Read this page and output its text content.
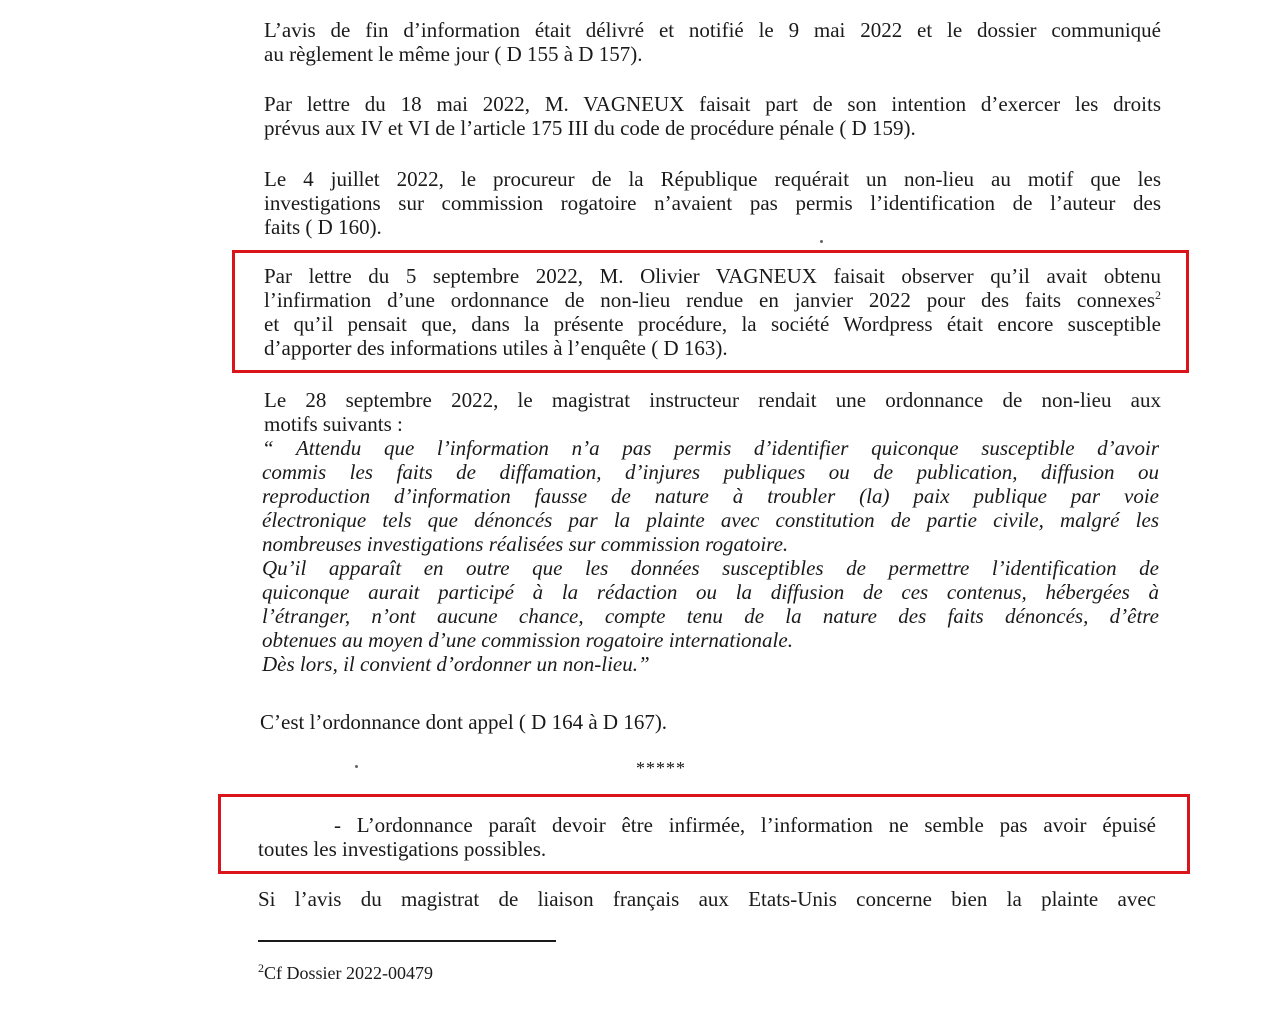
L’avis de fin d’information était délivré et notifié le 9 mai 2022 et le dossier communiqué
au règlement le même jour ( D 155 à D 157).
Par lettre du 18 mai 2022, M. VAGNEUX faisait part de son intention d’exercer les droits
prévus aux IV et VI de l’article 175 III du code de procédure pénale ( D 159).
Le 4 juillet 2022, le procureur de la République requérait un non-lieu au motif que les
investigations sur commission rogatoire n’avaient pas permis l’identification de l’auteur des
faits ( D 160).
Par lettre du 5 septembre 2022, M. Olivier VAGNEUX faisait observer qu’il avait obtenu
l’infirmation d’une ordonnance de non-lieu rendue en janvier 2022 pour des faits connexes$^2$
et qu’il pensait que, dans la présente procédure, la société Wordpress était encore susceptible
d’apporter des informations utiles à l’enquête ( D 163).
Le 28 septembre 2022, le magistrat instructeur rendait une ordonnance de non-lieu aux
motifs suivants :
“ Attendu que l’information n’a pas permis d’identifier quiconque susceptible d’avoir
commis les faits de diffamation, d’injures publiques ou de publication, diffusion ou
reproduction d’information fausse de nature à troubler (la) paix publique par voie
électronique tels que dénoncés par la plainte avec constitution de partie civile, malgré les
nombreuses investigations réalisées sur commission rogatoire.
Qu’il apparaît en outre que les données susceptibles de permettre l’identification de
quiconque aurait participé à la rédaction ou la diffusion de ces contenus, hébergées à
l’étranger, n’ont aucune chance, compte tenu de la nature des faits dénoncés, d’être
obtenues au moyen d’une commission rogatoire internationale.
Dès lors, il convient d’ordonner un non-lieu.”
C’est l’ordonnance dont appel ( D 164 à D 167).
*****
- L’ordonnance paraît devoir être infirmée, l’information ne semble pas avoir épuisé
toutes les investigations possibles.
Si l’avis du magistrat de liaison français aux Etats-Unis concerne bien la plainte avec
$^2$Cf Dossier 2022-00479
